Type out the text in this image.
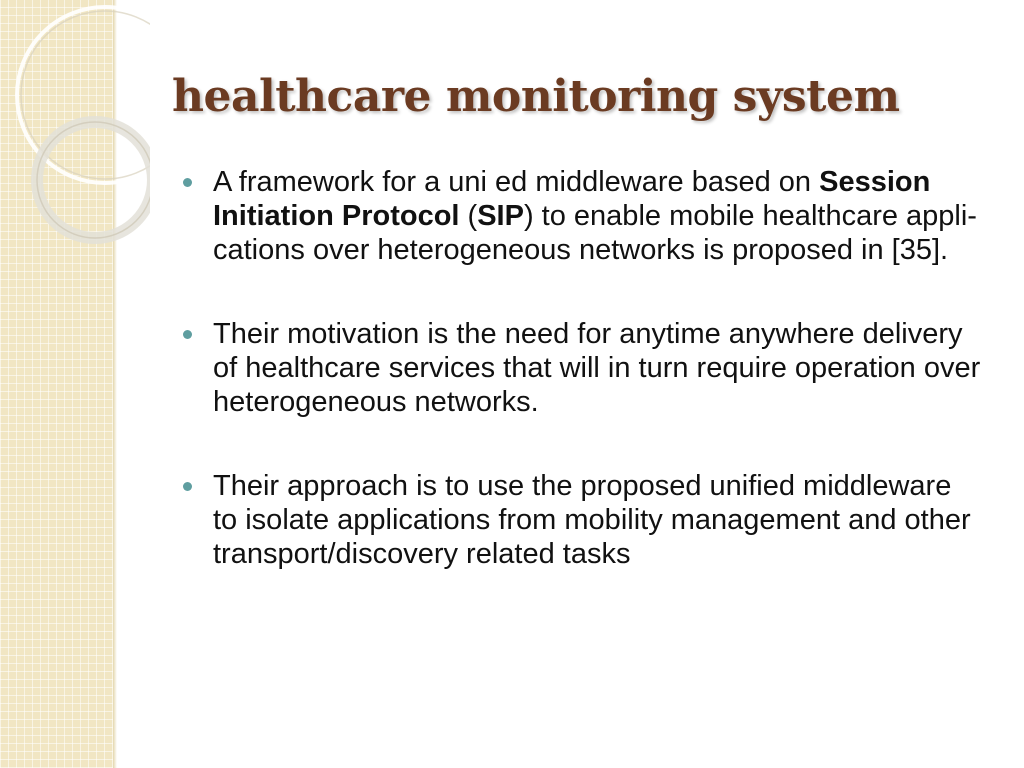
healthcare monitoring system
A framework for a uni ed middleware based on Session Initiation Protocol (SIP) to enable mobile healthcare appli-cations over heterogeneous networks is proposed in [35].
Their motivation is the need for anytime anywhere delivery of healthcare services that will in turn require operation over heterogeneous networks.
Their approach is to use the proposed unified middleware to isolate applications from mobility management and other transport/discovery related tasks
